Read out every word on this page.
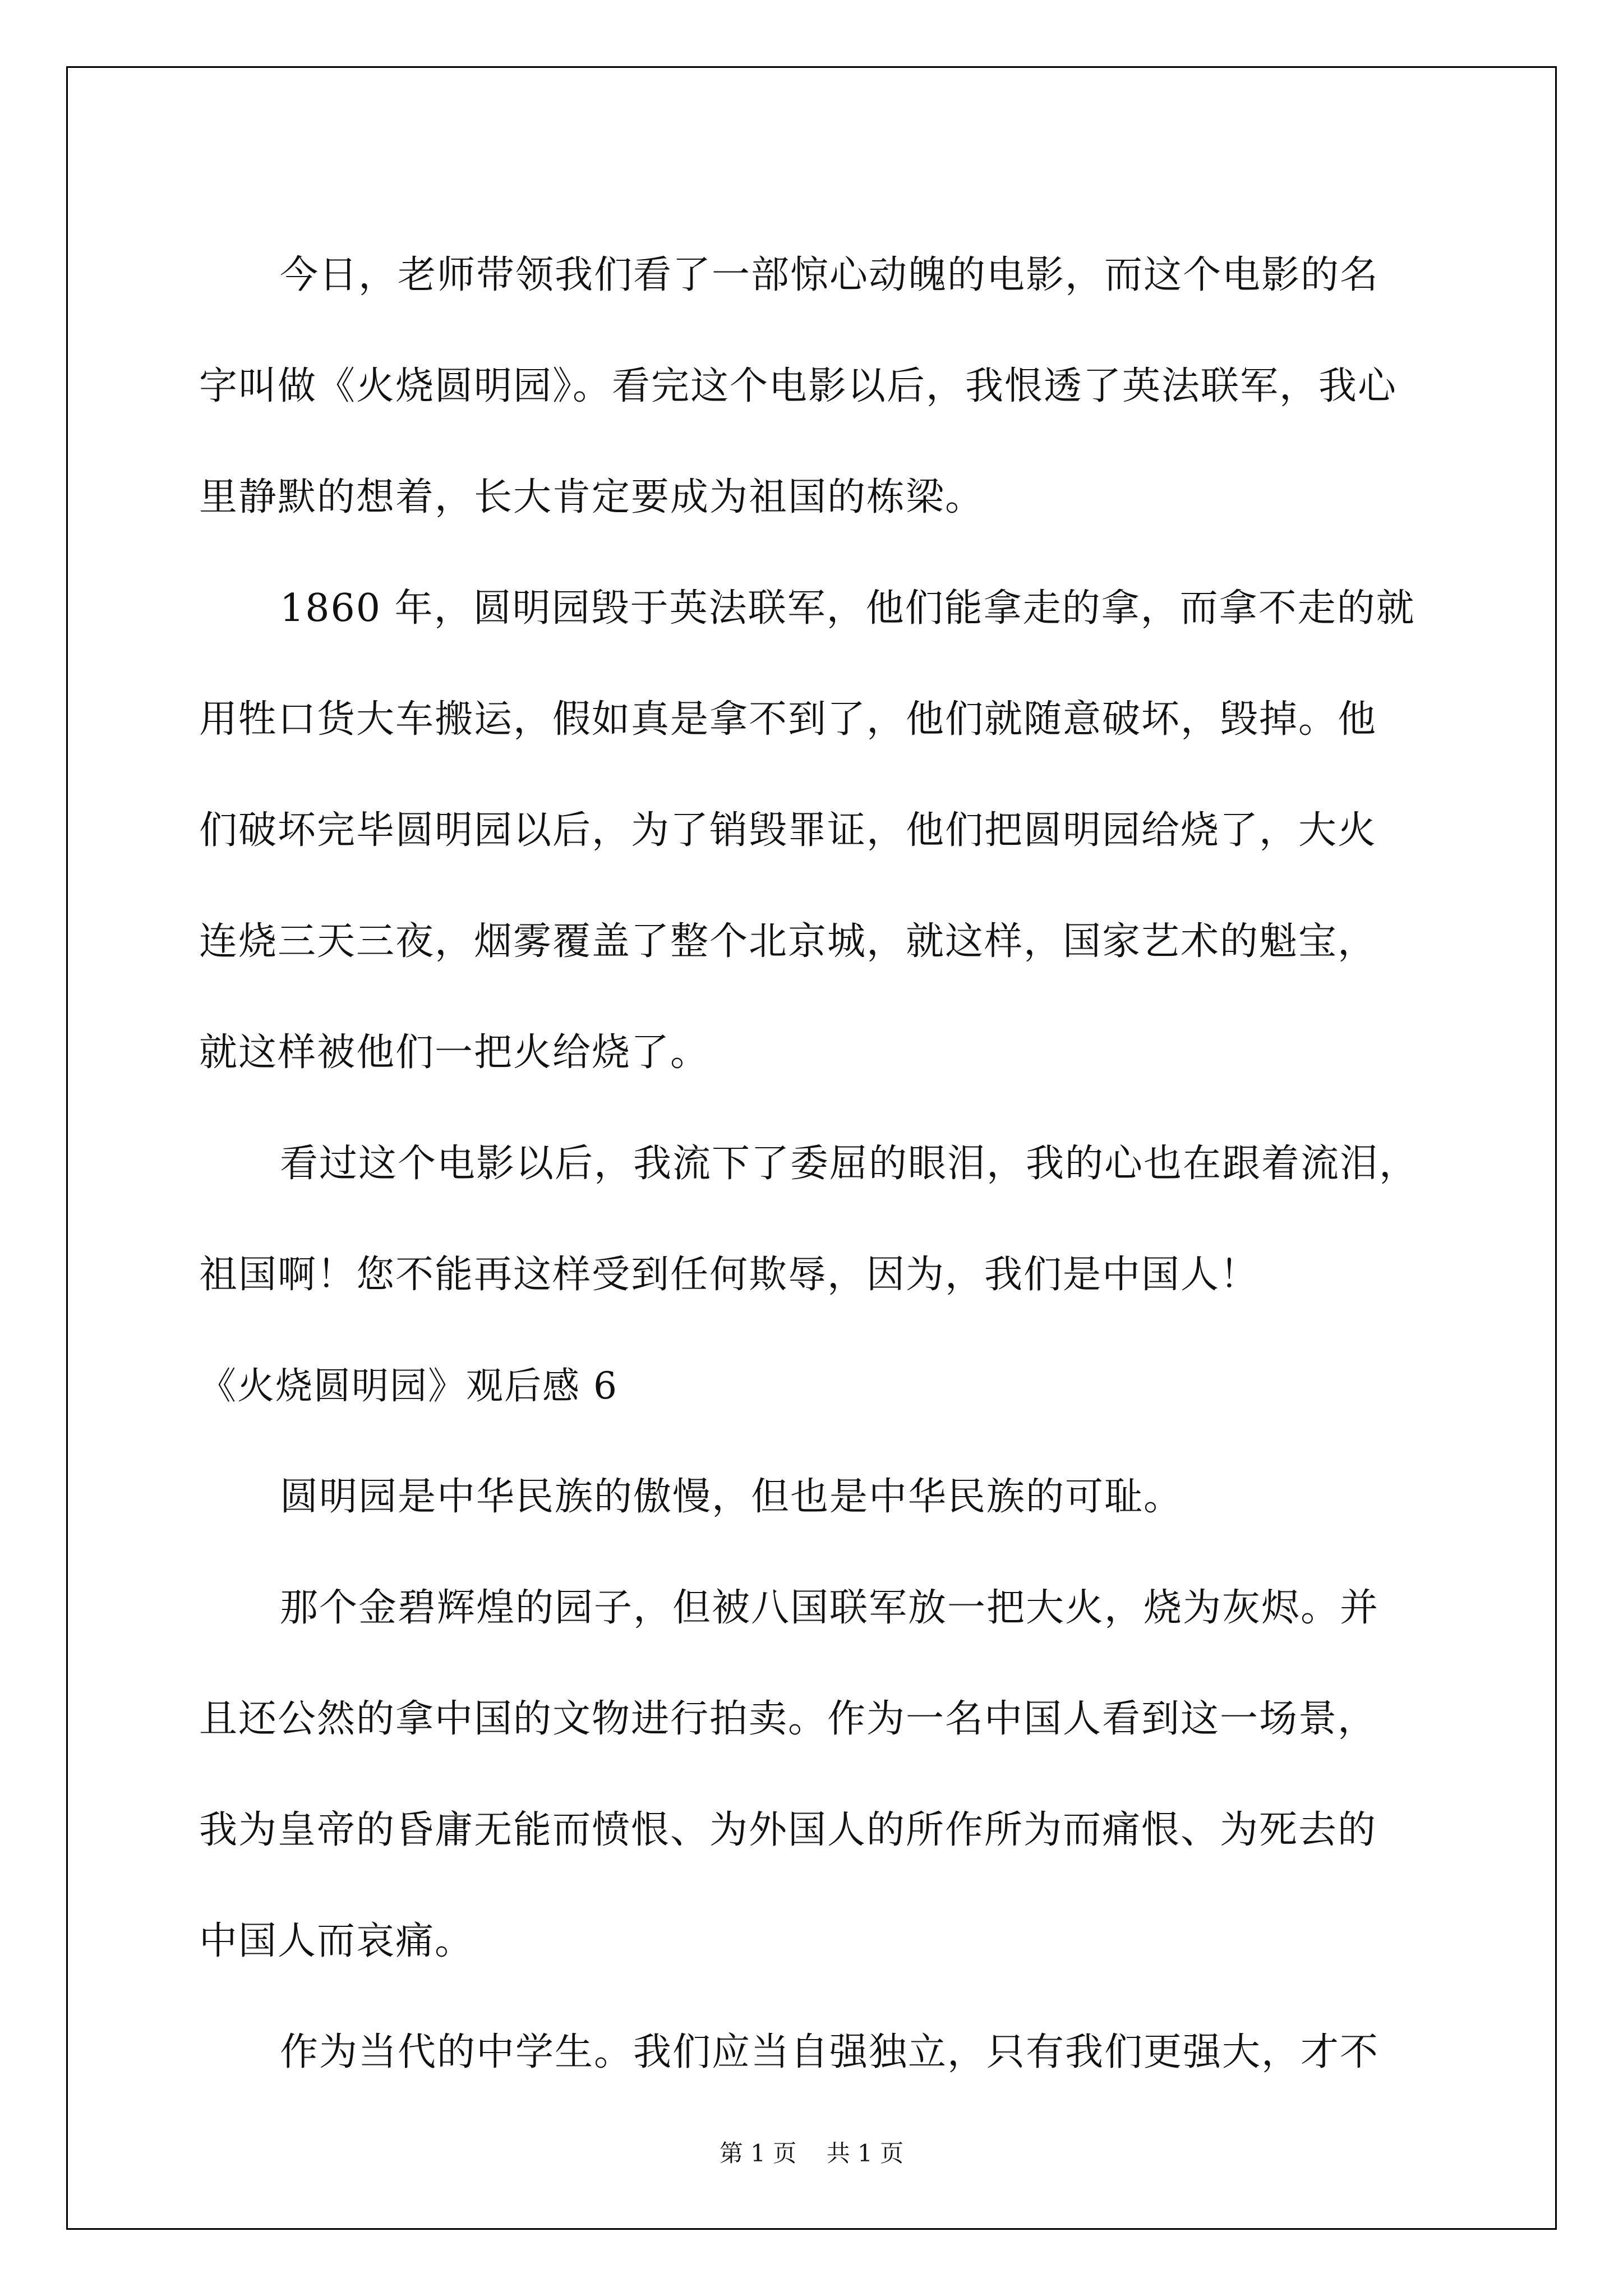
今日，老师带领我们看了一部惊心动魄的电影，而这个电影的名
字叫做《火烧圆明园》。看完这个电影以后，我恨透了英法联军，我心
里静默的想着，长大肯定要成为祖国的栋梁。
1860 年，圆明园毁于英法联军，他们能拿走的拿，而拿不走的就
用牲口货大车搬运，假如真是拿不到了，他们就随意破坏，毁掉。他
们破坏完毕圆明园以后，为了销毁罪证，他们把圆明园给烧了，大火
连烧三天三夜，烟雾覆盖了整个北京城，就这样，国家艺术的魁宝，
就这样被他们一把火给烧了。
看过这个电影以后，我流下了委屈的眼泪，我的心也在跟着流泪，
祖国啊！您不能再这样受到任何欺辱，因为，我们是中国人！
《火烧圆明园》观后感 6
圆明园是中华民族的傲慢，但也是中华民族的可耻。
那个金碧辉煌的园子，但被八国联军放一把大火，烧为灰烬。并
且还公然的拿中国的文物进行拍卖。作为一名中国人看到这一场景，
我为皇帝的昏庸无能而愤恨、为外国人的所作所为而痛恨、为死去的
中国人而哀痛。
作为当代的中学生。我们应当自强独立，只有我们更强大，才不
第 1 页    共 1 页
